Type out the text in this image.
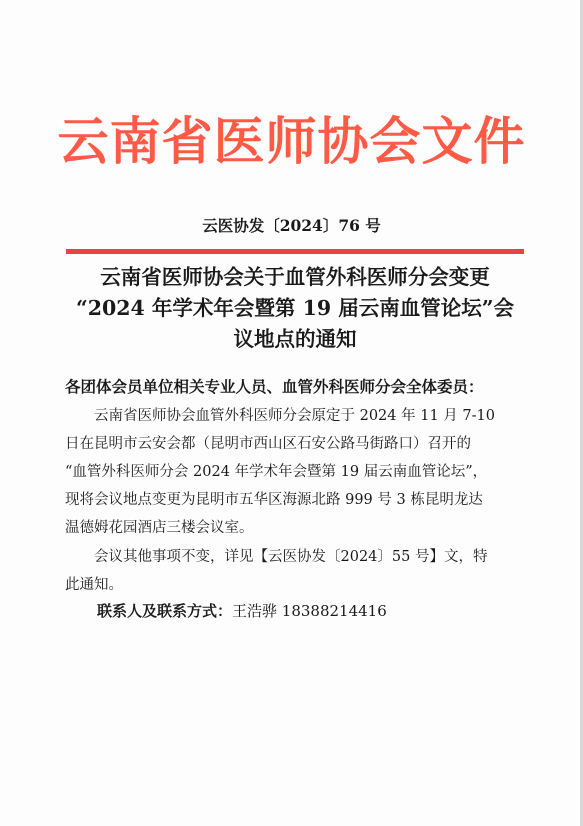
云南省医师协会文件
云医协发〔2024〕76 号
云南省医师协会关于血管外科医师分会变更
“2024 年学术年会暨第 19 届云南血管论坛”会
议地点的通知
各团体会员单位相关专业人员、血管外科医师分会全体委员：
　　云南省医师协会血管外科医师分会原定于 2024 年 11 月 7-10
日在昆明市云安会都（昆明市西山区石安公路马街路口）召开的
“血管外科医师分会 2024 年学术年会暨第 19 届云南血管论坛”，
现将会议地点变更为昆明市五华区海源北路 999 号 3 栋昆明龙达
温德姆花园酒店三楼会议室。
　　会议其他事项不变，详见【云医协发〔2024〕55 号】文，特
此通知。
联系人及联系方式：王浩骅 18388214416
